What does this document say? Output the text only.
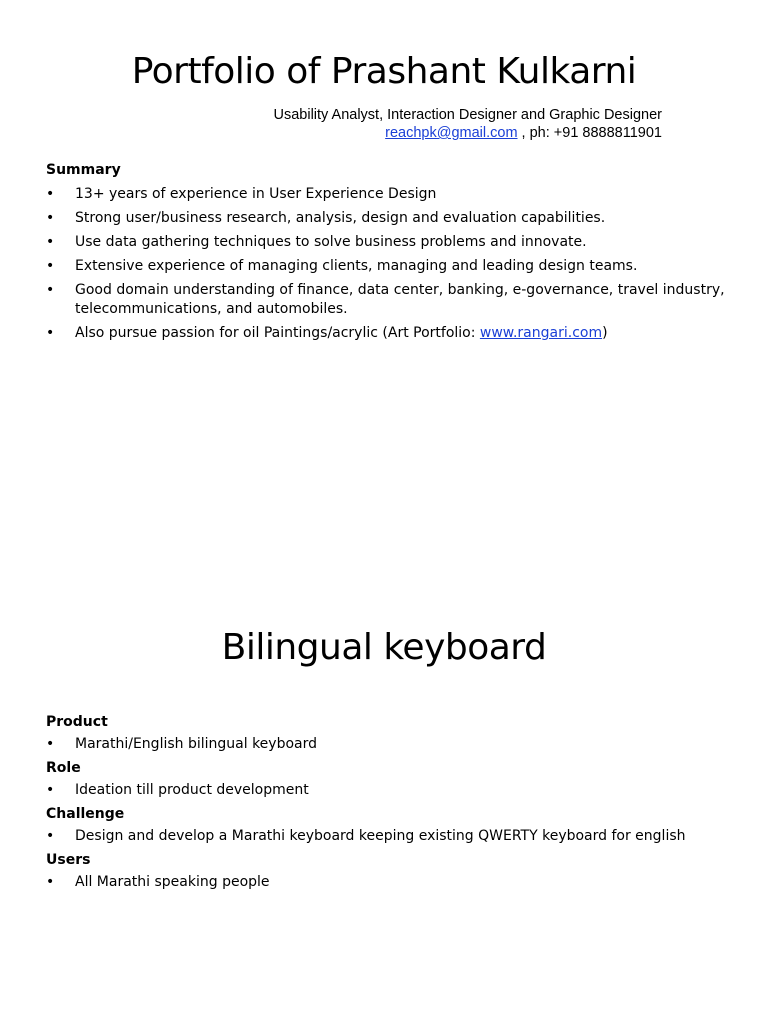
Portfolio of Prashant Kulkarni
Usability Analyst, Interaction Designer and Graphic Designer
reachpk@gmail.com , ph: +91 8888811901
Summary
• 13+ years of experience in User Experience Design
• Strong user/business research, analysis, design and evaluation capabilities.
• Use data gathering techniques to solve business problems and innovate.
• Extensive experience of managing clients, managing and leading design teams.
• Good domain understanding of finance, data center, banking, e-governance, travel industry, telecommunications, and automobiles.
• Also pursue passion for oil Paintings/acrylic (Art Portfolio: www.rangari.com)
Bilingual keyboard
Product
• Marathi/English bilingual keyboard
Role
• Ideation till product development
Challenge
• Design and develop a Marathi keyboard keeping existing QWERTY keyboard for english
Users
• All Marathi speaking people
